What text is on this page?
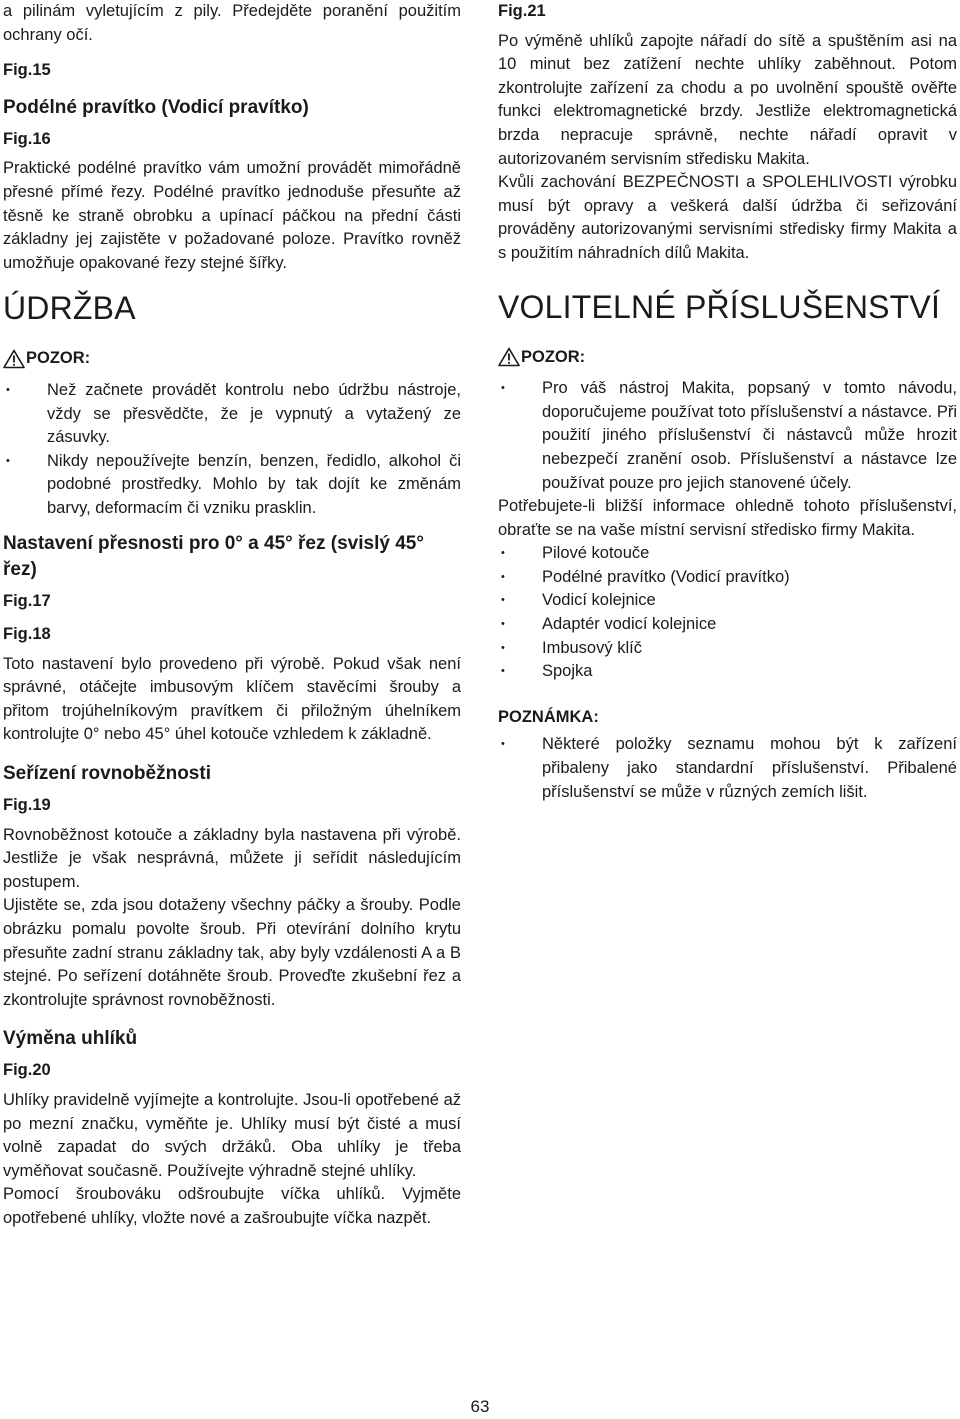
a pilinám vyletujícím z pily. Předejděte poranění použitím ochrany očí.

Fig.15
Podélné pravítko (Vodicí pravítko)
Fig.16

Praktické podélné pravítko vám umožní provádět mimořádně přesné přímé řezy. Podélné pravítko jednoduše přesuňte až těsně ke straně obrobku a upínací páčkou na přední části základny jej zajistěte v požadované poloze. Pravítko rovněž umožňuje opakované řezy stejné šířky.

ÚDRŽBA
POZOR:
• Než začnete provádět kontrolu nebo údržbu nástroje, vždy se přesvědčte, že je vypnutý a vytažený ze zásuvky.
• Nikdy nepoužívejte benzín, benzen, ředidlo, alkohol či podobné prostředky. Mohlo by tak dojít ke změnám barvy, deformacím či vzniku prasklin.
Nastavení přesnosti pro 0° a 45° řez (svislý 45° řez)
Fig.17
Fig.18

Toto nastavení bylo provedeno při výrobě. Pokud však není správné, otáčejte imbusovým klíčem stavěcími šrouby a přitom trojúhelníkovým pravítkem či přiložným úhelníkem kontrolujte 0° nebo 45° úhel kotouče vzhledem k základně.

Seřízení rovnoběžnosti
Fig.19

Rovnoběžnost kotouče a základny byla nastavena při výrobě. Jestliže je však nesprávná, můžete ji seřídit následujícím postupem.

Ujistěte se, zda jsou dotaženy všechny páčky a šrouby. Podle obrázku pomalu povolte šroub. Při otevírání dolního krytu přesuňte zadní stranu základny tak, aby byly vzdálenosti A a B stejné. Po seřízení dotáhněte šroub. Proveďte zkušební řez a zkontrolujte správnost rovnoběžnosti.

Výměna uhlíků
Fig.20

Uhlíky pravidelně vyjímejte a kontrolujte. Jsou-li opotřebené až po mezní značku, vyměňte je. Uhlíky musí být čisté a musí volně zapadat do svých držáků. Oba uhlíky je třeba vyměňovat současně. Používejte výhradně stejné uhlíky.

Pomocí šroubováku odšroubujte víčka uhlíků. Vyjměte opotřebené uhlíky, vložte nové a zašroubujte víčka nazpět.

Fig.21

Po výměně uhlíků zapojte nářadí do sítě a spuštěním asi na 10 minut bez zatížení nechte uhlíky zaběhnout. Potom zkontrolujte zařízení za chodu a po uvolnění spouště ověřte funkci elektromagnetické brzdy. Jestliže elektromagnetická brzda nepracuje správně, nechte nářadí opravit v autorizovaném servisním středisku Makita.

Kvůli zachování BEZPEČNOSTI a SPOLEHLIVOSTI výrobku musí být opravy a veškerá další údržba či seřizování prováděny autorizovanými servisními středisky firmy Makita a s použitím náhradních dílů Makita.

VOLITELNÉ PŘÍSLUŠENSTVÍ
POZOR:
• Pro váš nástroj Makita, popsaný v tomto návodu, doporučujeme používat toto příslušenství a nástavce. Při použití jiného příslušenství či nástavců může hrozit nebezpečí zranění osob. Příslušenství a nástavce lze používat pouze pro jejich stanovené účely.

Potřebujete-li bližší informace ohledně tohoto příslušenství, obraťte se na vaše místní servisní středisko firmy Makita.

• Pilové kotouče
• Podélné pravítko (Vodicí pravítko)
• Vodicí kolejnice
• Adaptér vodicí kolejnice
• Imbusový klíč
• Spojka
POZNÁMKA:
• Některé položky seznamu mohou být k zařízení přibaleny jako standardní příslušenství. Přibalené příslušenství se může v různých zemích lišit.
63
